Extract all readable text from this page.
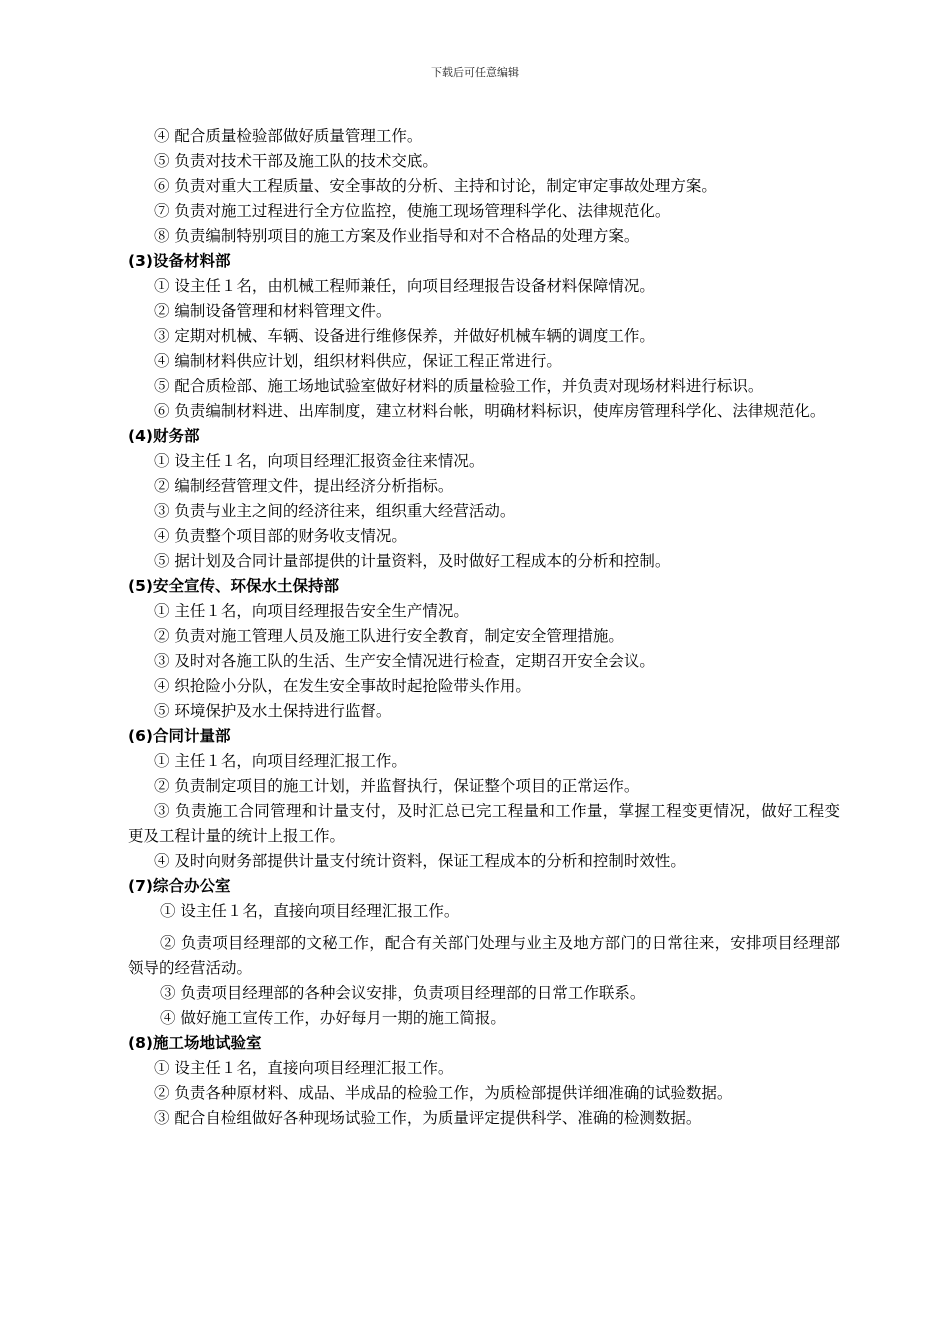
下载后可任意编辑
④ 配合质量检验部做好质量管理工作。
⑤ 负责对技术干部及施工队的技术交底。
⑥ 负责对重大工程质量、安全事故的分析、主持和讨论，制定审定事故处理方案。
⑦ 负责对施工过程进行全方位监控，使施工现场管理科学化、法律规范化。
⑧ 负责编制特别项目的施工方案及作业指导和对不合格品的处理方案。
(3)设备材料部
① 设主任１名，由机械工程师兼任，向项目经理报告设备材料保障情况。
② 编制设备管理和材料管理文件。
③ 定期对机械、车辆、设备进行维修保养，并做好机械车辆的调度工作。
④ 编制材料供应计划，组织材料供应，保证工程正常进行。
⑤ 配合质检部、施工场地试验室做好材料的质量检验工作，并负责对现场材料进行标识。
⑥ 负责编制材料进、出库制度，建立材料台帐，明确材料标识，使库房管理科学化、法律规范化。
(4)财务部
① 设主任１名，向项目经理汇报资金往来情况。
② 编制经营管理文件，提出经济分析指标。
③ 负责与业主之间的经济往来，组织重大经营活动。
④ 负责整个项目部的财务收支情况。
⑤ 据计划及合同计量部提供的计量资料，及时做好工程成本的分析和控制。
(5)安全宣传、环保水土保持部
① 主任１名，向项目经理报告安全生产情况。
② 负责对施工管理人员及施工队进行安全教育，制定安全管理措施。
③ 及时对各施工队的生活、生产安全情况进行检查，定期召开安全会议。
④ 织抢险小分队，在发生安全事故时起抢险带头作用。
⑤ 环境保护及水土保持进行监督。
(6)合同计量部
① 主任１名，向项目经理汇报工作。
② 负责制定项目的施工计划，并监督执行，保证整个项目的正常运作。
③ 负责施工合同管理和计量支付，及时汇总已完工程量和工作量，掌握工程变更情况，做好工程变更及工程计量的统计上报工作。
④ 及时向财务部提供计量支付统计资料，保证工程成本的分析和控制时效性。
(7)综合办公室
① 设主任１名，直接向项目经理汇报工作。
② 负责项目经理部的文秘工作，配合有关部门处理与业主及地方部门的日常往来，安排项目经理部领导的经营活动。
③ 负责项目经理部的各种会议安排，负责项目经理部的日常工作联系。
④ 做好施工宣传工作，办好每月一期的施工简报。
(8)施工场地试验室
① 设主任１名，直接向项目经理汇报工作。
② 负责各种原材料、成品、半成品的检验工作，为质检部提供详细准确的试验数据。
③ 配合自检组做好各种现场试验工作，为质量评定提供科学、准确的检测数据。
